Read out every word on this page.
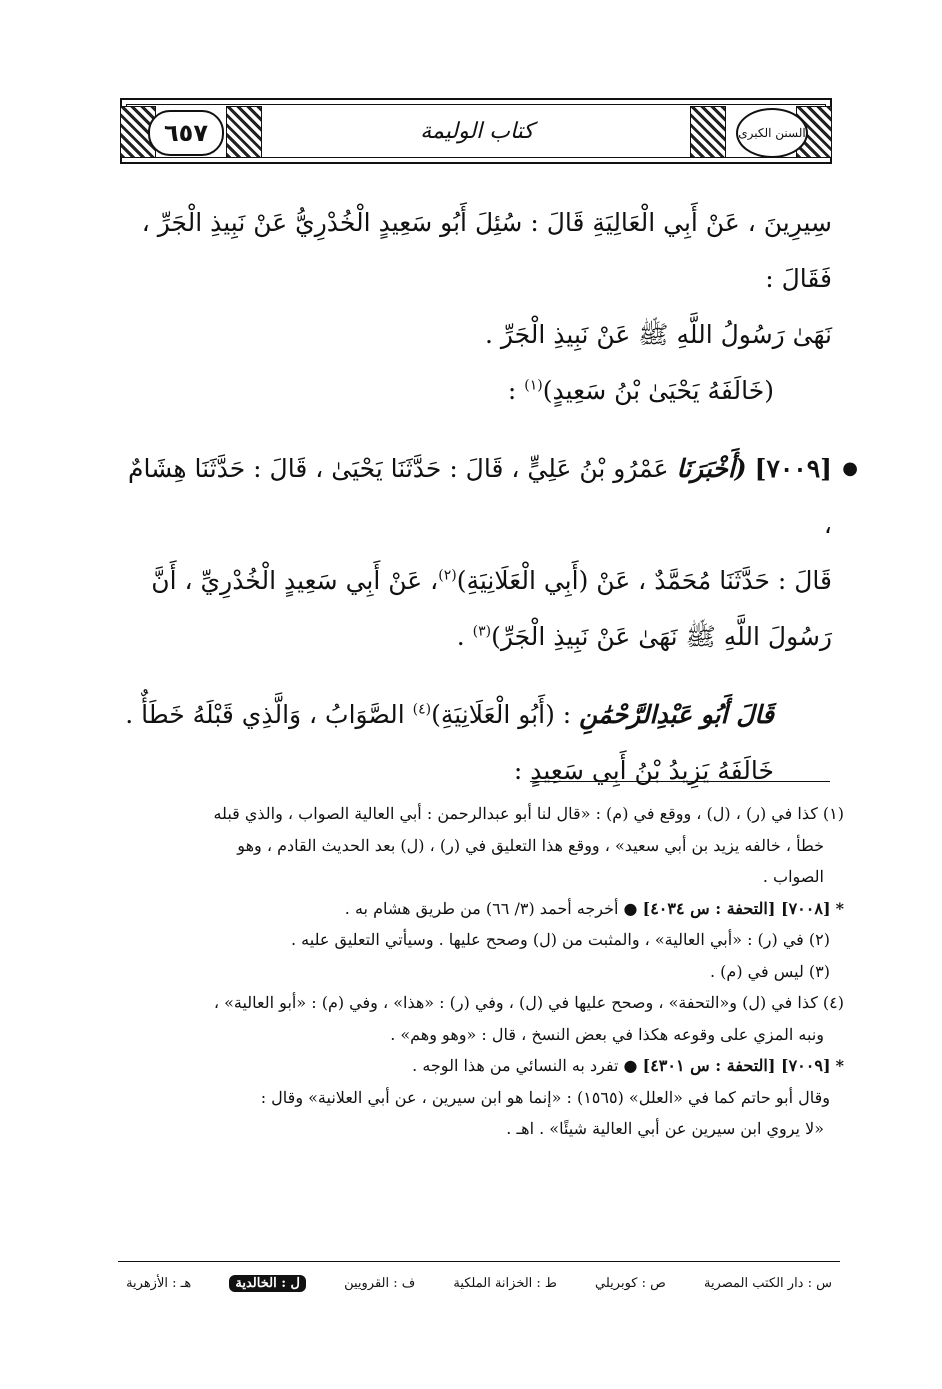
٦٥٧	كتاب الوليمة	السنن الكبرى

سِيرِينَ ، عَنْ أَبِي الْعَالِيَةِ قَالَ : سُئِلَ أَبُو سَعِيدٍ الْخُدْرِيُّ عَنْ نَبِيذِ الْجَرِّ ، فَقَالَ :

نَهَىٰ رَسُولُ اللَّهِ ﷺ عَنْ نَبِيذِ الْجَرِّ .

(خَالَفَهُ يَحْيَىٰ بْنُ سَعِيدٍ)$^{(١)}$ :

●
[٧٠٠٩] (أَخْبَرَنَا عَمْرُو بْنُ عَلِيٍّ ، قَالَ : حَدَّثَنَا يَحْيَىٰ ، قَالَ : حَدَّثَنَا هِشَامٌ ،

قَالَ : حَدَّثَنَا مُحَمَّدٌ ، عَنْ (أَبِي الْعَلَانِيَةِ)$^{(٢)}$، عَنْ أَبِي سَعِيدٍ الْخُدْرِيِّ ، أَنَّ

رَسُولَ اللَّهِ ﷺ نَهَىٰ عَنْ نَبِيذِ الْجَرِّ)$^{(٣)}$ .

قَالَ أَبُو عَبْدِالرَّحْمَٰنِ : (أَبُو الْعَلَانِيَةِ)$^{(٤)}$ الصَّوَابُ ، وَالَّذِي قَبْلَهُ خَطَأٌ .

خَالَفَهُ يَزِيدُ بْنُ أَبِي سَعِيدٍ :

(١) كذا في (ر) ، (ل) ، ووقع في (م) : «قال لنا أبو عبدالرحمن : أبي العالية الصواب ، والذي قبله

خطأ ، خالفه يزيد بن أبي سعيد» ، ووقع هذا التعليق في (ر) ، (ل) بعد الحديث القادم ، وهو

الصواب .

* [٧٠٠٨] [التحفة : س ٤٠٣٤] ● أخرجه أحمد (٣/ ٦٦) من طريق هشام به .

(٢) في (ر) : «أبي العالية» ، والمثبت من (ل) وصحح عليها . وسيأتي التعليق عليه .

(٣) ليس في (م) .

(٤) كذا في (ل) و«التحفة» ، وصحح عليها في (ل) ، وفي (ر) : «هذا» ، وفي (م) : «أبو العالية» ،

ونبه المزي على وقوعه هكذا في بعض النسخ ، قال : «وهو وهم» .

* [٧٠٠٩] [التحفة : س ٤٣٠١] ● تفرد به النسائي من هذا الوجه .

وقال أبو حاتم كما في «العلل» (١٥٦٥) : «إنما هو ابن سيرين ، عن أبي العلانية» وقال :

«لا يروي ابن سيرين عن أبي العالية شيئًا» . اهـ .

س : دار الكتب المصرية
ص : كوبريلي
ط : الخزانة الملكية
ف : القرويين
ل : الخالدية
هـ : الأزهرية
